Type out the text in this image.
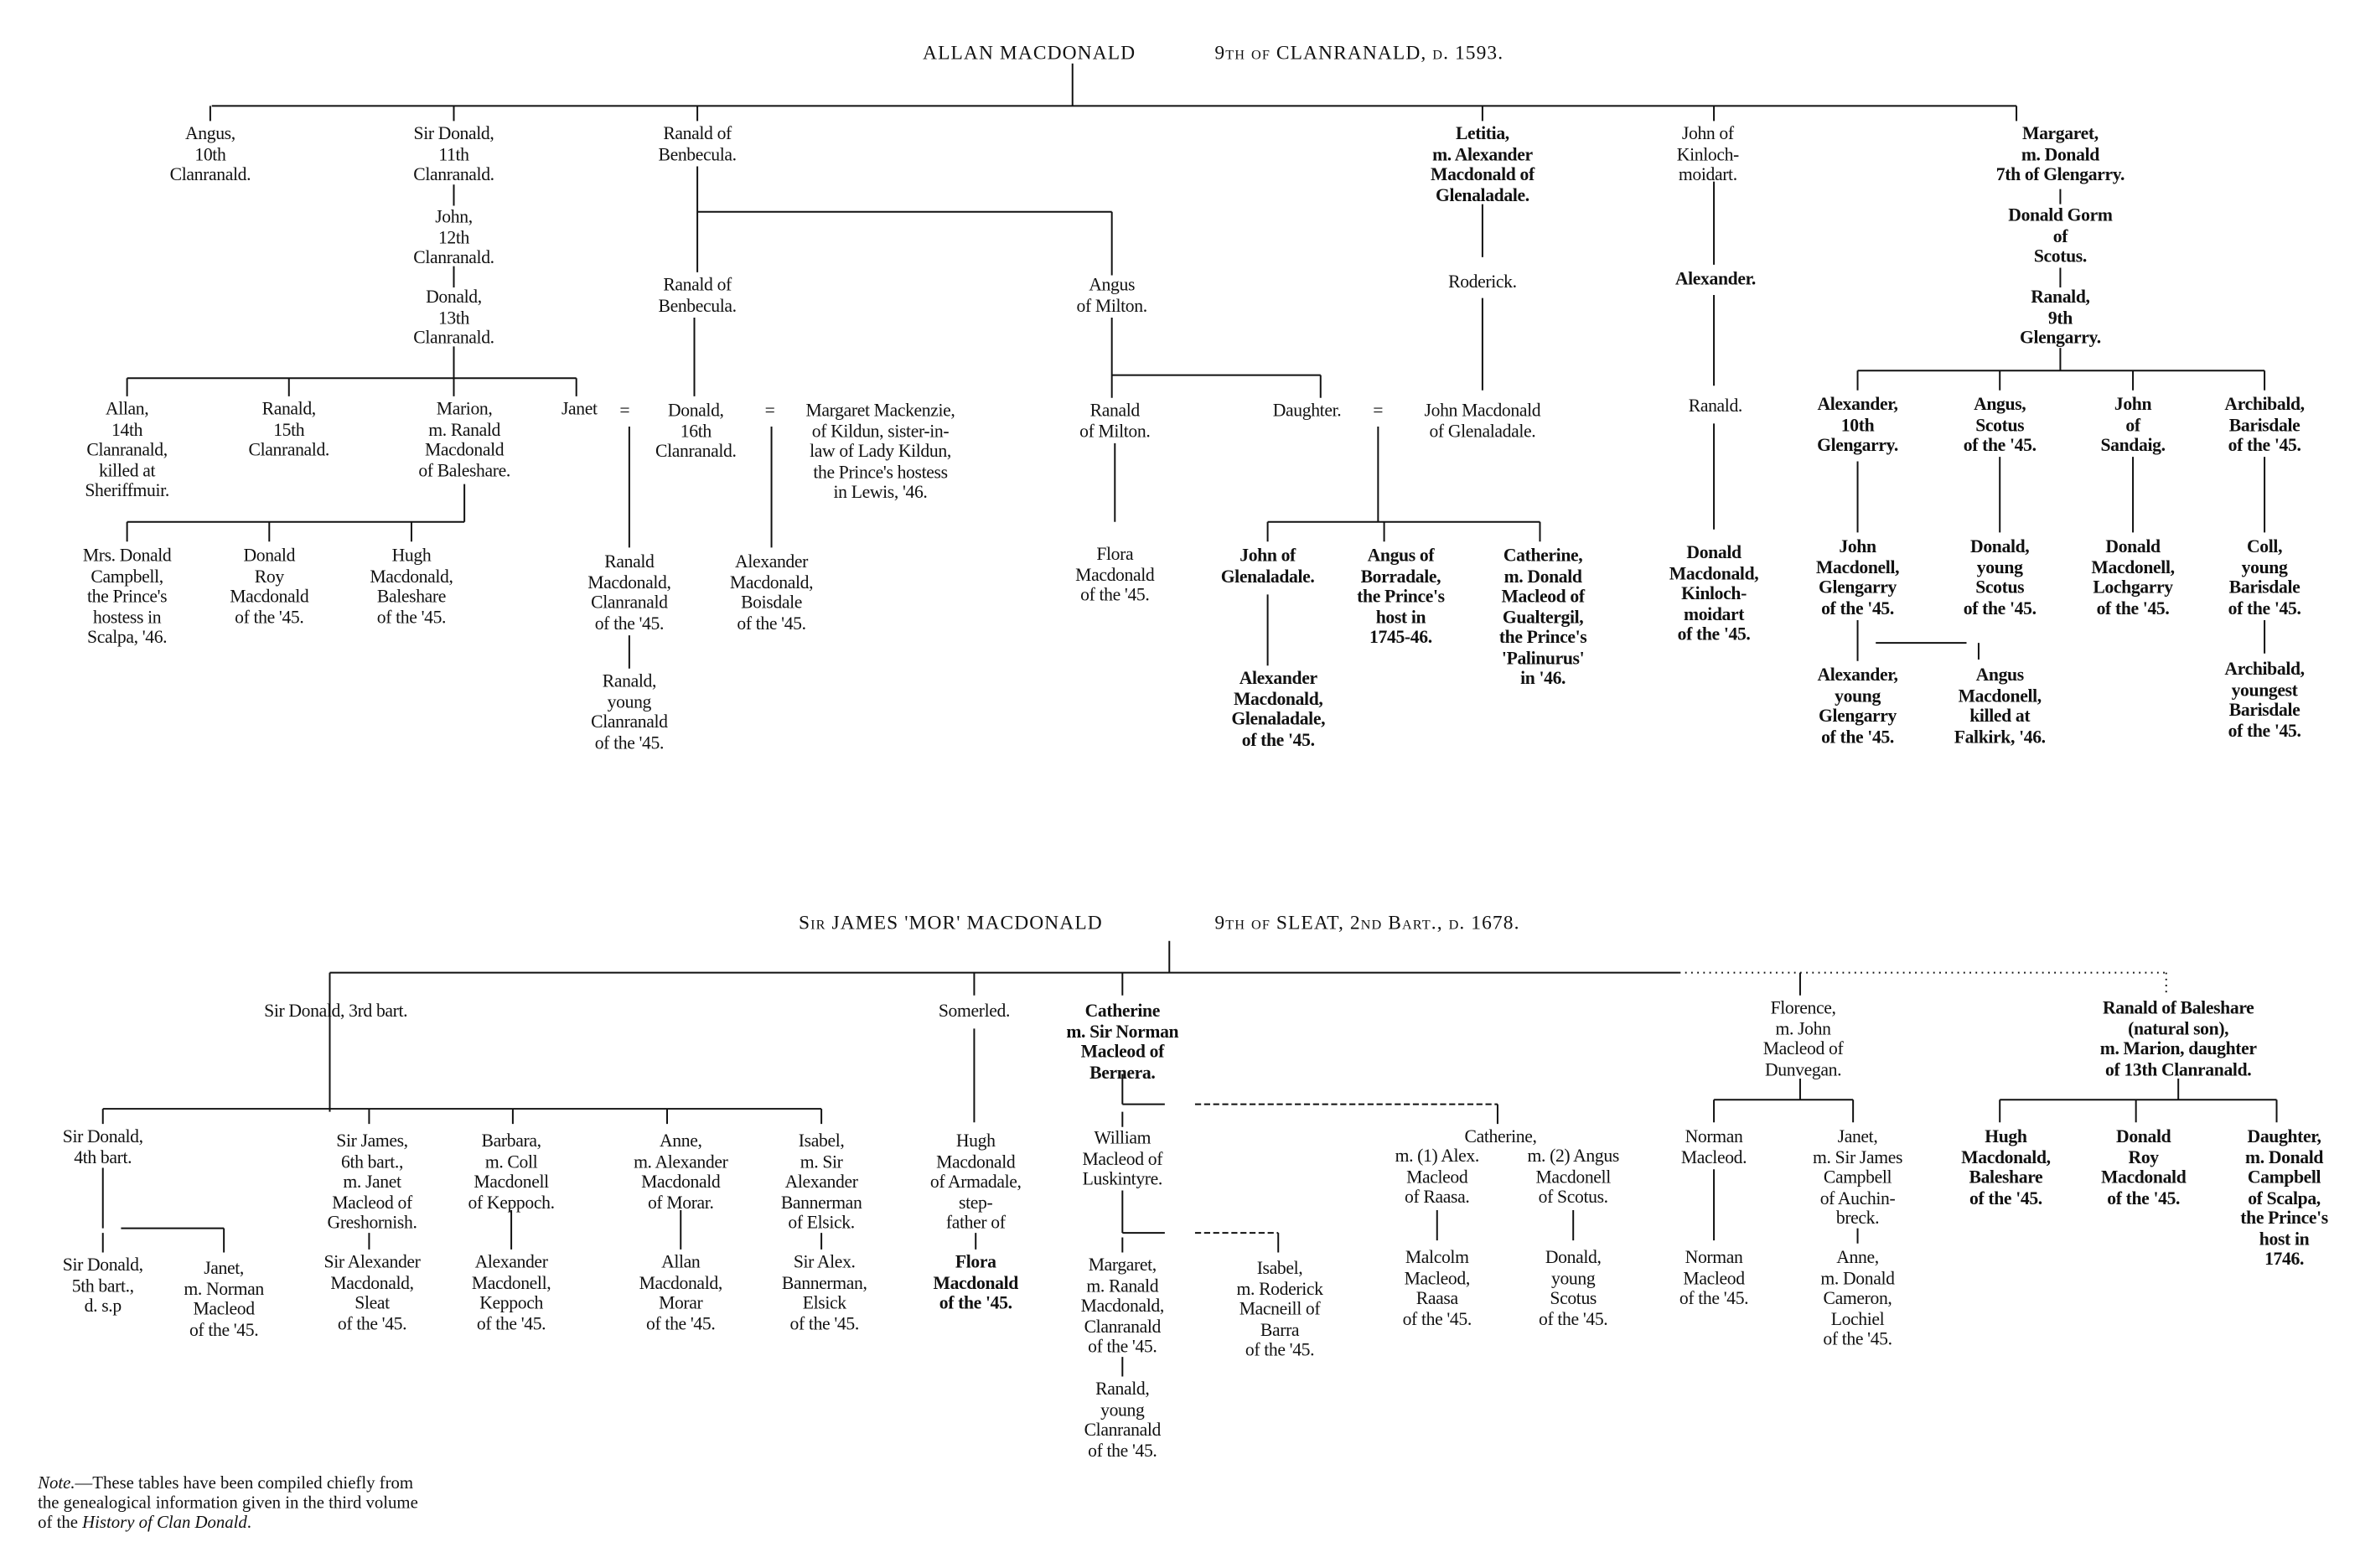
ALLAN MACDONALD	9th of CLANRANALD, d. 1593.
Angus,
10th
Clanranald.
Sir Donald,
11th
Clanranald.
John,
12th
Clanranald.
Donald,
13th
Clanranald.
Allan,
14th
Clanranald,
killed at
Sheriffmuir.
Ranald,
15th
Clanranald.
Marion,
m. Ranald
Macdonald
of Baleshare.
Janet
Mrs. Donald
Campbell,
the Prince's
hostess in
Scalpa, '46.
Donald
Roy
Macdonald
of the '45.
Hugh
Macdonald,
Baleshare
of the '45.
Ranald of
Benbecula.
Ranald of
Benbecula.
Donald,
16th
Clanranald.
Margaret Mackenzie,
of Kildun, sister-in-
law of Lady Kildun,
the Prince's hostess
in Lewis, '46.
Ranald
Macdonald,
Clanranald
of the '45.
Ranald,
young
Clanranald
of the '45.
Alexander
Macdonald,
Boisdale
of the '45.
Angus
of Milton.
Ranald
of Milton.
Flora
Macdonald
of the '45.
Daughter.	John Macdonald
of Glenaladale.
John of
Glenaladale.
Alexander
Macdonald,
Glenaladale,
of the '45.
Angus of
Borradale,
the Prince's
host in
1745-46.
Catherine,
m. Donald
Macleod of
Gualtergil,
the Prince's
'Palinurus'
in '46.
Letitia,
m. Alexander
Macdonald of
Glenaladale.
Roderick.
John of
Kinloch-
moidart.
Alexander.
Ranald.
Donald
Macdonald,
Kinloch-
moidart
of the '45.
Margaret,
m. Donald
7th of Glengarry.
Donald Gorm
of
Scotus.
Ranald,
9th
Glengarry.
Alexander,
10th
Glengarry.
Angus,
Scotus
of the '45.
John
of
Sandaig.
Archibald,
Barisdale
of the '45.
John
Macdonell,
Glengarry
of the '45.
Donald,
young
Scotus
of the '45.
Donald
Macdonell,
Lochgarry
of the '45.
Coll,
young
Barisdale
of the '45.
Alexander,
young
Glengarry
of the '45.
Angus
Macdonell,
killed at
Falkirk, '46.
Archibald,
youngest
Barisdale
of the '45.
=	=	=
Sir JAMES 'MOR' MACDONALD	9th of SLEAT, 2nd Bart., d. 1678.
Sir Donald, 3rd bart.
Sir Donald,
4th bart.
Sir Donald,
5th bart.,
d. s.p
Janet,
m. Norman
Macleod
of the '45.
Sir James,
6th bart.,
m. Janet
Macleod of
Greshornish.
Sir Alexander
Macdonald,
Sleat
of the '45.
Barbara,
m. Coll
Macdonell
of Keppoch.
Alexander
Macdonell,
Keppoch
of the '45.
Anne,
m. Alexander
Macdonald
of Morar.
Allan
Macdonald,
Morar
of the '45.
Isabel,
m. Sir
Alexander
Bannerman
of Elsick.
Sir Alex.
Bannerman,
Elsick
of the '45.
Somerled.
Hugh
Macdonald
of Armadale,
step-
father of
Flora
Macdonald
of the '45.
Catherine
m. Sir Norman
Macleod of
Bernera.
William
Macleod of
Luskintyre.
Margaret,
m. Ranald
Macdonald,
Clanranald
of the '45.
Ranald,
young
Clanranald
of the '45.
Isabel,
m. Roderick
Macneill of
Barra
of the '45.
Catherine,
m. (1) Alex.
Macleod
of Raasa.
m. (2) Angus
Macdonell
of Scotus.
Malcolm
Macleod,
Raasa
of the '45.
Donald,
young
Scotus
of the '45.
Florence,
m. John
Macleod of
Dunvegan.
Norman
Macleod.
Norman
Macleod
of the '45.
Janet,
m. Sir James
Campbell
of Auchin-
breck.
Anne,
m. Donald
Cameron,
Lochiel
of the '45.
Ranald of Baleshare
(natural son),
m. Marion, daughter
of 13th Clanranald.
Hugh
Macdonald,
Baleshare
of the '45.
Donald
Roy
Macdonald
of the '45.
Daughter,
m. Donald
Campbell
of Scalpa,
the Prince's
host in
1746.
Note.—These tables have been compiled chiefly from
the genealogical information given in the third volume
of the History of Clan Donald.
